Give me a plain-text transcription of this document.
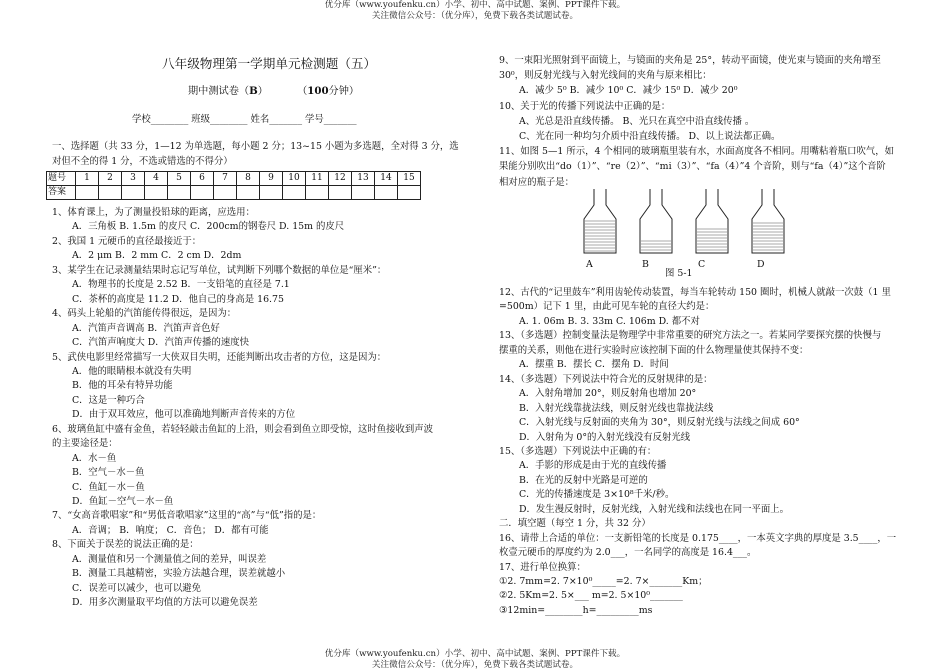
优分库（www.youfenku.cn）小学、初中、高中试题、案例、PPT课件下载。
关注微信公众号：（优分库），免费下载各类试题试卷。
八年级物理第一学期单元检测题（五）
期中测试卷（B）	（100分钟）
学校________ 班级________ 姓名_______ 学号_______
一、选择题（共 33 分，1—12 为单选题，每小题 2 分；13~15 小题为多选题，全对得 3 分，选
对但不全的得 1 分，不选或错选的不得分）
题号	1	2	3	4	5	6	7	8	9	10	11	12	13	14	15
答案															
1、体育课上，为了测量投铅球的距离，应选用：
A．三角板 B. 1.5m 的皮尺 C．200cm的钢卷尺 D. 15m 的皮尺
2、我国 1 元硬币的直径最接近于：
A．2 μm B．2 mm C．2 cm D．2dm
3、某学生在记录测量结果时忘记写单位，试判断下列哪个数据的单位是“厘米”：
A．物理书的长度是 2.52 B．一支铅笔的直径是 7.1
C．茶杯的高度是 11.2 D．他自己的身高是 16.75
4、码头上轮船的汽笛能传得很远，是因为：
A．汽笛声音调高 B．汽笛声音色好
C．汽笛声响度大 D．汽笛声传播的速度快
5、武侠电影里经常描写一大侠双目失明，还能判断出攻击者的方位，这是因为：
A．他的眼睛根本就没有失明
B．他的耳朵有特异功能
C．这是一种巧合
D．由于双耳效应，他可以准确地判断声音传来的方位
6、玻璃鱼缸中盛有金鱼，若轻轻敲击鱼缸的上沿，则会看到鱼立即受惊，这时鱼接收到声波
的主要途径是：
A．水－鱼
B．空气－水－鱼
C．鱼缸－水－鱼
D．鱼缸－空气－水－鱼
7、“女高音歌唱家”和“男低音歌唱家”这里的“高”与“低”指的是：
A．音调； B．响度； C．音色； D．都有可能
8、下面关于误差的说法正确的是：
A．测量值和另一个测量值之间的差异，叫误差
B．测量工具越精密，实验方法越合理，误差就越小
C．误差可以减少，也可以避免
D．用多次测量取平均值的方法可以避免误差
9、一束阳光照射到平面镜上，与镜面的夹角是 25°，转动平面镜，使光束与镜面的夹角增至
30⁰，则反射光线与入射光线间的夹角与原来相比：
A．减少 5⁰ B．减少 10⁰ C．减少 15⁰ D．减少 20⁰
10、关于光的传播下列说法中正确的是：
A、光总是沿直线传播。 B、光只在真空中沿直线传播 。
C、光在同一种均匀介质中沿直线传播。 D、以上说法都正确。
11、如图 5—1 所示，4 个相同的玻璃瓶里装有水，水面高度各不相同。用嘴粘着瓶口吹气，如
果能分别吹出“do（1）”、“re（2）”、“mi（3）”、“fa（4）”4 个音阶，则与“fa（4）”这个音阶
相对应的瓶子是：
A	B	C	D
图 5-1
12、古代的“记里鼓车”利用齿轮传动装置，每当车轮转动 150 圈时，机械人就敲一次鼓（1 里
=500m）记下 1 里，由此可见车轮的直径大约是：
A. 1. 06m B. 3. 33m C. 106m D. 都不对
13、（多选题）控制变量法是物理学中非常重要的研究方法之一。若某同学要探究摆的快慢与
摆重的关系，则他在进行实验时应该控制下面的什么物理量使其保持不变：
A．摆重 B．摆长 C．摆角 D．时间
14、（多选题）下列说法中符合光的反射规律的是：
A．入射角增加 20°，则反射角也增加 20°
B．入射光线靠拢法线，则反射光线也靠拢法线
C．入射光线与反射面的夹角为 30°，则反射光线与法线之间成 60°
D．入射角为 0°的入射光线没有反射光线
15、（多选题）下列说法中正确的有：
A．手影的形成是由于光的直线传播
B．在光的反射中光路是可逆的
C．光的传播速度是 3×10⁸千米/秒。
D．发生漫反射时，反射光线，入射光线和法线也在同一平面上。
二．填空题（每空 1 分，共 32 分）
16、请带上合适的单位：一支新铅笔的长度是 0.175____，一本英文字典的厚度是 3.5____，一
枚壹元硬币的厚度约为 2.0___，一名同学的高度是 16.4___。
17、进行单位换算：
①2. 7mm=2. 7×10⁰_____=2. 7×_______Km；
②2. 5Km=2. 5×___ m=2. 5×10⁰_______
③12min=________h=_________ms
优分库（www.youfenku.cn）小学、初中、高中试题、案例、PPT课件下载。
关注微信公众号：（优分库），免费下载各类试题试卷。
